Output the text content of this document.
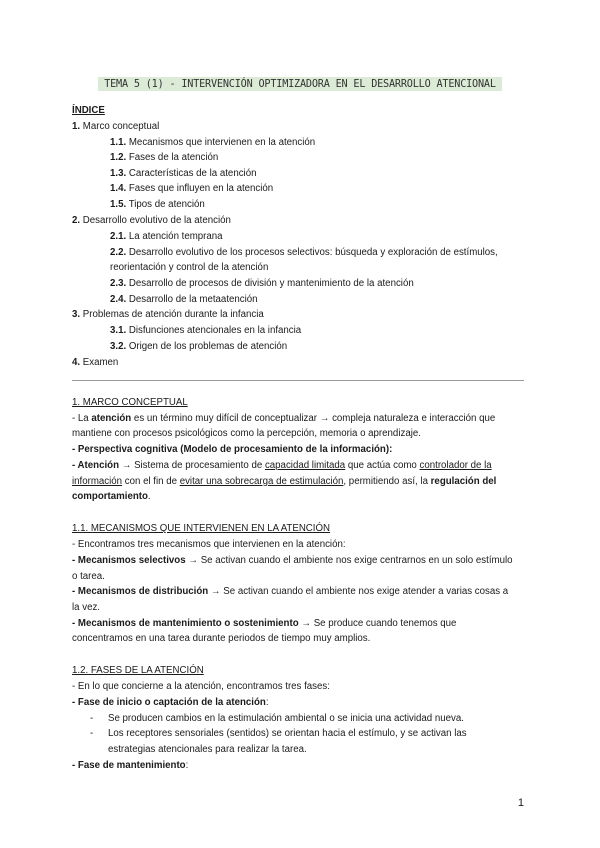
TEMA 5 (1) - INTERVENCIÓN OPTIMIZADORA EN EL DESARROLLO ATENCIONAL
ÍNDICE
1. Marco conceptual
1.1. Mecanismos que intervienen en la atención
1.2. Fases de la atención
1.3. Características de la atención
1.4. Fases que influyen en la atención
1.5. Tipos de atención
2. Desarrollo evolutivo de la atención
2.1. La atención temprana
2.2. Desarrollo evolutivo de los procesos selectivos: búsqueda y exploración de estímulos,
reorientación y control de la atención
2.3. Desarrollo de procesos de división y mantenimiento de la atención
2.4. Desarrollo de la metaatención
3. Problemas de atención durante la infancia
3.1. Disfunciones atencionales en la infancia
3.2. Origen de los problemas de atención
4. Examen
1. MARCO CONCEPTUAL
- La atención es un término muy difícil de conceptualizar → compleja naturaleza e interacción que
mantiene con procesos psicológicos como la percepción, memoria o aprendizaje.
- Perspectiva cognitiva (Modelo de procesamiento de la información):
- Atención → Sistema de procesamiento de capacidad limitada que actúa como controlador de la
información con el fin de evitar una sobrecarga de estimulación, permitiendo así, la regulación del
comportamiento.
1.1. MECANISMOS QUE INTERVIENEN EN LA ATENCIÓN
- Encontramos tres mecanismos que intervienen en la atención:
- Mecanismos selectivos → Se activan cuando el ambiente nos exige centrarnos en un solo estímulo
o tarea.
- Mecanismos de distribución → Se activan cuando el ambiente nos exige atender a varias cosas a
la vez.
- Mecanismos de mantenimiento o sostenimiento → Se produce cuando tenemos que
concentramos en una tarea durante periodos de tiempo muy amplios.
1.2. FASES DE LA ATENCIÓN
- En lo que concierne a la atención, encontramos tres fases:
- Fase de inicio o captación de la atención:
- Se producen cambios en la estimulación ambiental o se inicia una actividad nueva.
- Los receptores sensoriales (sentidos) se orientan hacia el estímulo, y se activan las
estrategias atencionales para realizar la tarea.
- Fase de mantenimiento:
1
